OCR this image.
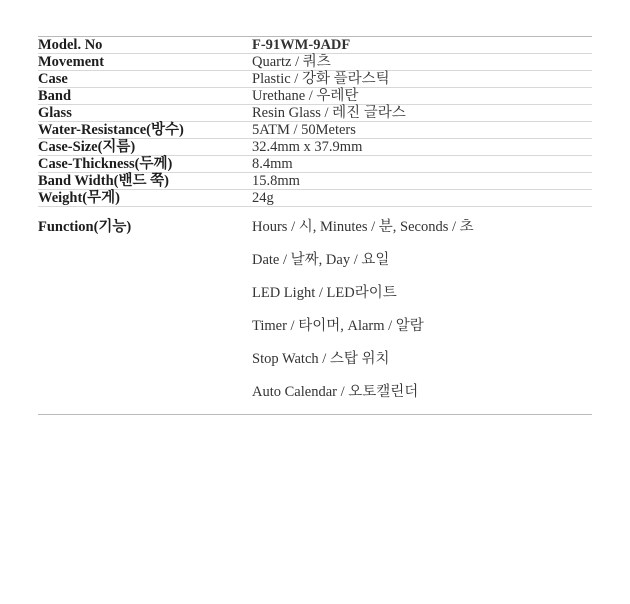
Model. No	F-91WM-9ADF

Movement	Quartz / 쿼츠

Case	Plastic / 강화 플라스틱

Band	Urethane / 우레탄

Glass	Resin Glass / 레진 글라스

Water-Resistance(방수)	5ATM / 50Meters

Case-Size(지름)	32.4mm x 37.9mm

Case-Thickness(두께)	8.4mm

Band Width(밴드 쭉)	15.8mm

Weight(무게)	24g

Function(기능)	Hours / 시, Minutes / 분, Seconds / 초
Date / 날짜, Day / 요일
LED Light / LED라이트
Timer / 타이머, Alarm / 알람
Stop Watch / 스탑 위치
Auto Calendar / 오토캘린더
